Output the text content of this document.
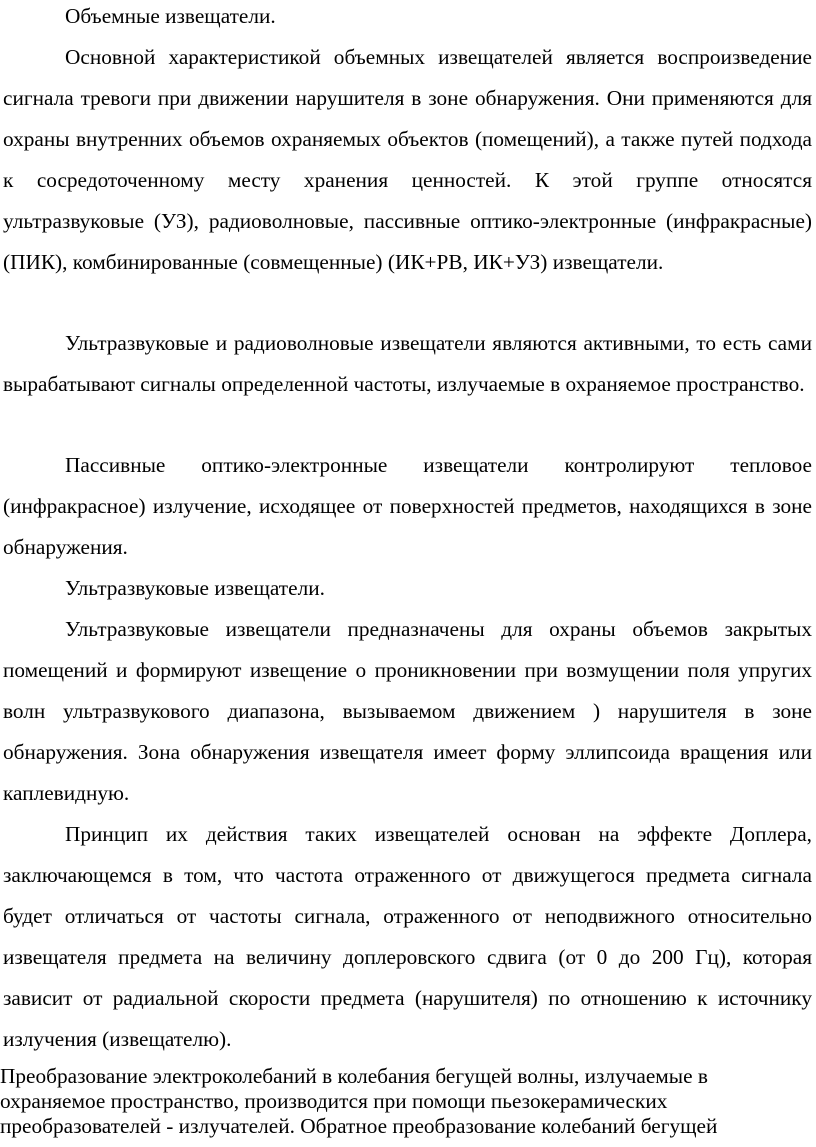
Объемные извещатели.

Основной характеристикой объемных извещателей является воспроизведение сигнала тревоги при движении нарушителя в зоне обнаружения. Они применяются для охраны внутренних объемов охраняемых объектов (помещений), а также путей подхода к сосредоточенному месту хранения ценностей. К этой группе относятся ультразвуковые (УЗ), радиоволновые, пассивные оптико-электронные (инфракрасные) (ПИК), комбинированные (совмещенные) (ИК+РВ, ИК+УЗ) извещатели.

Ультразвуковые и радиоволновые извещатели являются активными, то есть сами вырабатывают сигналы определенной частоты, излучаемые в охраняемое пространство.

Пассивные оптико-электронные извещатели контролируют тепловое (инфракрасное) излучение, исходящее от поверхностей предметов, находящихся в зоне обнаружения.

Ультразвуковые извещатели.

Ультразвуковые извещатели предназначены для охраны объемов закрытых помещений и формируют извещение о проникновении при возмущении поля упругих волн ультразвукового диапазона, вызываемом движением ) нарушителя в зоне обнаружения. Зона обнаружения извещателя имеет форму эллипсоида вращения или каплевидную.

Принцип их действия таких извещателей основан на эффекте Доплера, заключающемся в том, что частота отраженного от движущегося предмета сигнала будет отличаться от частоты сигнала, отраженного от неподвижного относительно извещателя предмета на величину доплеровского сдвига (от 0 до 200 Гц), которая зависит от радиальной скорости предмета (нарушителя) по отношению к источнику излучения (извещателю).

Преобразование электроколебаний в колебания бегущей волны, излучаемые в охраняемое пространство, производится при помощи пьезокерамических преобразователей - излучателей. Обратное преобразование колебаний бегущей
